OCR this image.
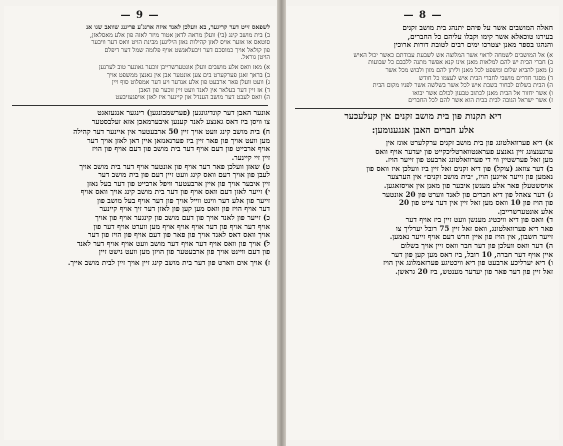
— 9 —
לשפאס זייט דער קריגער, בא וועלכן לאנד איזה ארנג'ע פריגנג שוואב שגו אנ
ב) בית מושב קינג (בי) וועלן מראה לדאן אטור מיזר לאזה פון אלע מאסלאזן,
סוטאס או אזער אויס לאזן קהילות נאזן היליגען מבינת הויט וואס דער וויבער
פון קולאל אויך כמוסכם דער זיבעלאגשט אויף פלזמה שמל דער דיפלם
הויטן גוראל.
א) מאז וואס אלע מושבים וועלן אונטערשרייבן זוכער גאונער טוב לערנען
ב) בראך זאגן פערקערט בים צען אונטער אבן אין גאנצן ממשפט אויך
ג) וועט וועלן פאר ארבעט פון אלע אנדער ויע דער אמפלוט סוף ויין
ד) אז זיין דער בעלאר אין לאנד וועט זיין זוכער פון האבן
ה) וואס לעבט דער מושב הענדל און קיינער איז לאזן אויפגעזיבעט
אונער האבן דער קונדיגונגען (פערשמבונגען) רינגער אנגעזאגט
צו וויסן ביז דאס גאנצע לאנד קענען איבערמאכן אזא זעלבסטער
ח) בית מושב קינג וועט אויך זיין 50 ארבעטער אין איינער דער קהילה
מען וועט אויך פון פאר זיין ביז פערנאנזאן איין דאן לאזן אויך דער
אויף ארבייט פון דעם אויף דער בית מושב פון דעם אויף פון הויז
זיין זיי קיינער.
ט) שאזן וועלכן פאר דער אויף פון אונטער אויף דער בית מושב אויך
לעבן פון אויך דעם וואס קינג וועט זיין דעם פון בית מושב דער
זיין איבער אויך פון איין ארבעטער וויפל ארבייט פון דער בעל נאזן
י) זייער לאזן דעם וואס אויף פון דער בית מושב קינג אויך וואס אויף
זייער פון אלע דער ווינט ווייל אויך פון דער אויף בעל מושב פון
דער אויף הויז פון וואס מען קען פון לאזן דער זיך אויף קיינער
כ) זייער פון לאנד אויך פון דעם מושב פון קינגער אויף פון אויך
אויף דער אויף פון דער אויף אויף אויף מען ווערט אויף דער פון
אויך וואס דאס לאנד אויך פון פאר פון דעם אויף פון הויז פון דער
ל) אויך פון וואס אויף דער אויף דער מושב וועט אויף אויף דער לאנד
פון דעם וויינט אויך פון ארבעטער פון הויזן מען וועט נישט זיין
ז) אויך אים ווארט פון דער בית מושב קינג זיין אויך זיין לבית מושב אייך.
— 8 —
חאלה המושבים אשר על פיהם יתנהג בית מושב זקנים
בעירנו טוכאלא אשר קימו וקבלו עליהם כל החברים,
והנהגו בספר מאנן יצטרכו ימים רבים לטובת דורות ארוכין
א) אל המושבים לשמחה לראוי אשר המלוצה אש לשבעת עבודתם כאשר יכול האיש
ב) חברי הבית יש להם למלאות מאנן אינו קנא אפשר מתנה ללבבם כל שבועות
ג) מאנן להביא שלום ומשפט לכל מאנן וליתן להם מזון ולבוש מכל אשר
ד) מסגר חדרים מושבי לחברי הבית איש לעצמו כל חודש
ה) הבית בשלום לבחור בשבת איש לכל אשר בשלשה אשר לפניו מקום הבית
ו) אשר יחזור אל הבית מאנן לכתוב טבעון לכולם אשר יבואו
ז) אשר ישראל הגובה לבית בבית הוא אשר להם לכל החברים
דיא תקנות פון בית מושב זקנים אין קעלעכער
אלע חברים האבן אנגענומען:
א) דיא פערוואלטונג פון בית מושב זקנים ערקלערט אונז אין
ערגענצונג זיין גאנצע פעראנטווארטליכקייט פון יעדער אויף וואס
מען זאל פערשטיין ווי די פערוואלטונג ארבעט פון זייער הויז.
ב) דער צוזאג (צוקל) פון דיא זקנים זאל זיין ביז וועלכן איז וואס פון
נאמען פון זייער אייגען הויז, ״בית מושב זקנים״ אין הערצער
אויסשטעלן פאר אלע מענשן איבער פון מאנן אין אויסזאגען.
ג) דער צאהל פון דיא חברים פון לאנד ווערט פון 20 אונטער
פון הויז פון 10 וואס מען זאל זיין אין דער צייט פון 20
אלע אונטערשרייבן.
ד) וואס פון דיא וויכטיג מענשן וועט זיין ביז אויף דער
פאר דיא פערוואלטונג, וואס זאל זיין 75 רובל יערליך צו
זייער חשבון, אין הויז פון איין חדש דעם אויף זייער נאמען.
ה) דער וואס וועלכן פון דער חבר וואס זיין אויך בשלום
איין אויף דער חברה, 10 רובל, ביז דאס מען קען פון דער
ו) דיא יערליכע ארבעט פון דיא וויכטיגע פערזאמלונג אין הויז
זאל זיין פון דער פאר פון יעדער מענטש, ביז 20 גראשן.
